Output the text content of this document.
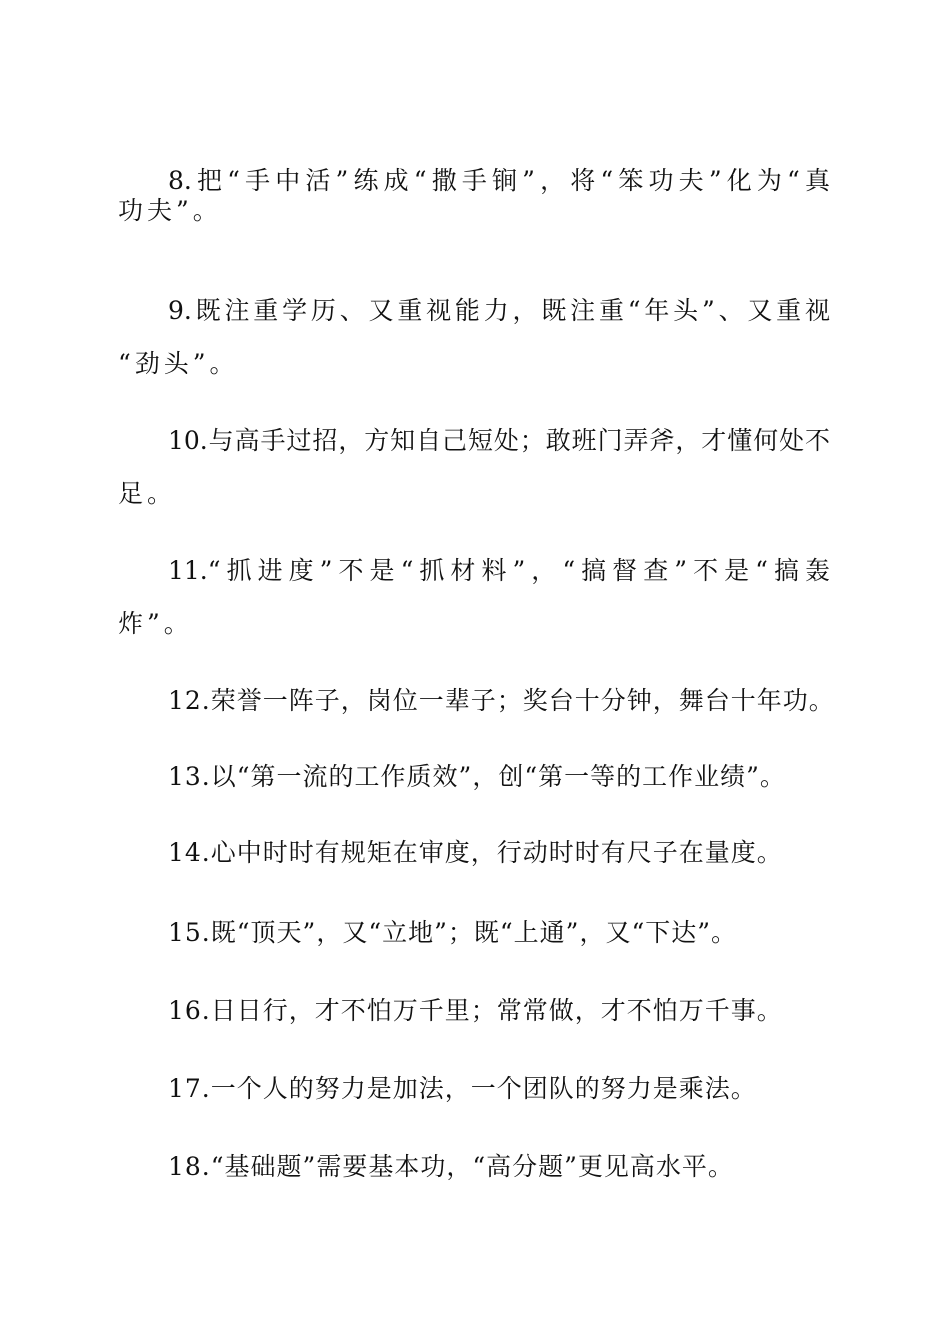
8.把“手中活”练成“撒手锏”，将“笨功夫”化为“真
功夫”。
9.既注重学历、又重视能力，既注重“年头”、又重视
“劲头”。
10.与高手过招，方知自己短处；敢班门弄斧，才懂何处不
足。
11.“抓进度”不是“抓材料”，“搞督查”不是“搞轰
炸”。
12.荣誉一阵子，岗位一辈子；奖台十分钟，舞台十年功。
13.以“第一流的工作质效”，创“第一等的工作业绩”。
14.心中时时有规矩在审度，行动时时有尺子在量度。
15.既“顶天”，又“立地”；既“上通”，又“下达”。
16.日日行，才不怕万千里；常常做，才不怕万千事。
17.一个人的努力是加法，一个团队的努力是乘法。
18.“基础题”需要基本功，“高分题”更见高水平。
